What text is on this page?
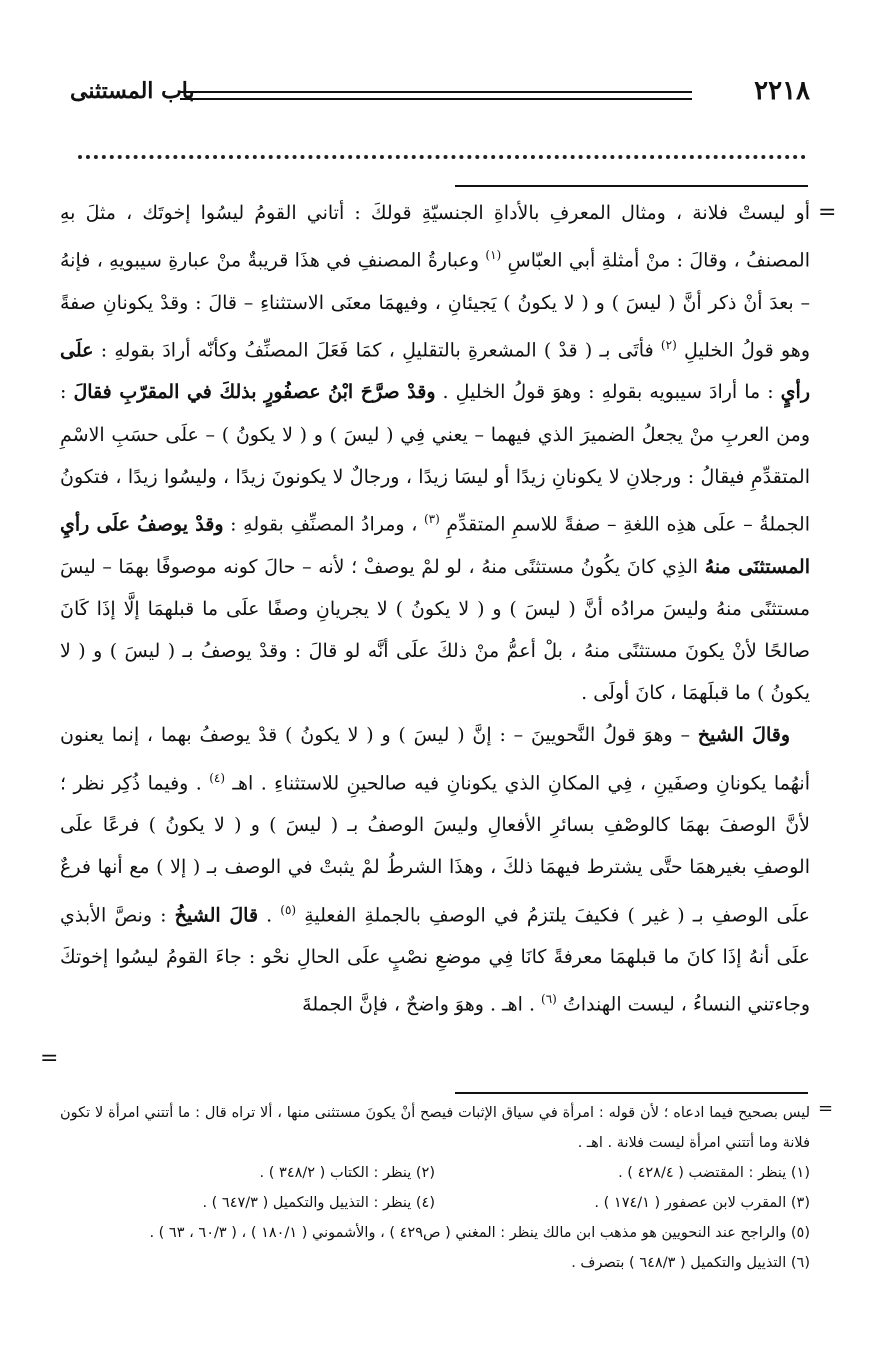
باب المستثنى	٢٢١٨
=
=

أو ليستْ فلانة ، ومثال المعرفِ بالأداةِ الجنسيّةِ قولكَ : أتاني القومُ ليسُوا إخوتَك ، مثلَ بهِ المصنفُ ، وقالَ : منْ أمثلةِ أبي العبّاسِ $^{(١)}$ وعبارةُ المصنفِ في هذَا قريبةٌ منْ عبارةِ سيبويهِ ، فإنهُ – بعدَ أنْ ذكر أنَّ ( ليسَ ) و ( لا يكونُ ) يَجيئانِ ، وفيهمَا معنَى الاستثناءِ – قالَ : وقدْ يكونانِ صفةً وهو قولُ الخليلِ $^{(٢)}$ فأتَى بـ ( قدْ ) المشعرةِ بالتقليلِ ، كمَا فَعَلَ المصنِّفُ وكأنّه أرادَ بقولهِ : علَى رأيٍ : ما أرادَ سيبويه بقولهِ : وهوَ قولُ الخليلِ . وقدْ صرَّحَ ابْنُ عصفُورٍ بذلكَ في المقرّبِ فقالَ : ومن العربِ منْ يجعلُ الضميرَ الذي فيهما – يعني فِي ( ليسَ ) و ( لا يكونُ ) – علَى حسَبِ الاسْمِ المتقدِّمِ فيقالُ : ورجلانِ لا يكونانِ زيدًا أو ليسَا زيدًا ، ورجالٌ لا يكونونَ زيدًا ، وليسُوا زيدًا ، فتكونُ الجملةُ – علَى هذِه اللغةِ – صفةً للاسمِ المتقدِّمِ $^{(٣)}$ ، ومرادُ المصنِّفِ بقولهِ : وقدْ يوصفُ علَى رأيِ المستثنَى منهُ الذِي كانَ يكُونُ مستثنًى منهُ ، لو لمْ يوصفْ ؛ لأنه – حالَ كونه موصوفًا بهمَا – ليسَ مستثنًى منهُ وليسَ مرادُه أنَّ ( ليسَ ) و ( لا يكونُ ) لا يجريانِ وصفًا علَى ما قبلهمَا إلَّا إذَا كَانَ صالحًا لأنْ يكونَ مستثنًى منهُ ، بلْ أعمُّ منْ ذلكَ علَى أنَّه لو قالَ : وقدْ يوصفُ بـ ( ليسَ ) و ( لا يكونُ ) ما قبلَهمَا ، كانَ أولَى .

وقالَ الشيخ – وهوَ قولُ النَّحويينَ – : إنَّ ( ليسَ ) و ( لا يكونُ ) قدْ يوصفُ بهما ، إنما يعنون أنهُما يكونانِ وصفَينِ ، فِي المكانِ الذي يكونانِ فيه صالحينِ للاستثناءِ . اهـ $^{(٤)}$ . وفيما ذُكِر نظر ؛ لأنَّ الوصفَ بهمَا كالوصْفِ بسائرِ الأفعالِ وليسَ الوصفُ بـ ( ليسَ ) و ( لا يكونُ ) فرعًا علَى الوصفِ بغيرهمَا حتَّى يشترط فيهمَا ذلكَ ، وهذَا الشرطُ لمْ يثبتْ في الوصف بـ ( إلا ) مع أنها فرعٌ علَى الوصفِ بـ ( غير ) فكيفَ يلتزمُ في الوصفِ بالجملةِ الفعليةِ $^{(٥)}$ . قالَ الشيخُ : ونصَّ الأبذي علَى أنهُ إذَا كانَ ما قبلهمَا معرفةً كانَا فِي موضعِ نصْبٍ علَى الحالِ نحْو : جاءَ القومُ ليسُوا إخوتكَ وجاءتني النساءُ ، ليست الهنداتُ $^{(٦)}$ . اهـ . وهوَ واضحٌ ، فإنَّ الجملةَ

=

ليس بصحيح فيما ادعاه ؛ لأن قوله : امرأة في سياق الإثبات فيصح أنْ يكونَ مستثنى منها ، ألا تراه قال : ما أتتني امرأة لا تكون فلانة وما أتتني امرأة ليست فلانة . اهـ .

(١) ينظر : المقتضب ( ٤٢٨/٤ ) .
(٢) ينظر : الكتاب ( ٣٤٨/٢ ) .
(٣) المقرب لابن عصفور ( ١٧٤/١ ) .
(٤) ينظر : التذييل والتكميل ( ٦٤٧/٣ ) .

(٥) والراجح عند النحويين هو مذهب ابن مالك ينظر : المغني ( ص٤٢٩ ) ، والأشموني ( ١٨٠/١ ) ، ( ٦٠/٣ ، ٦٣ ) .

(٦) التذييل والتكميل ( ٦٤٨/٣ ) بتصرف .
